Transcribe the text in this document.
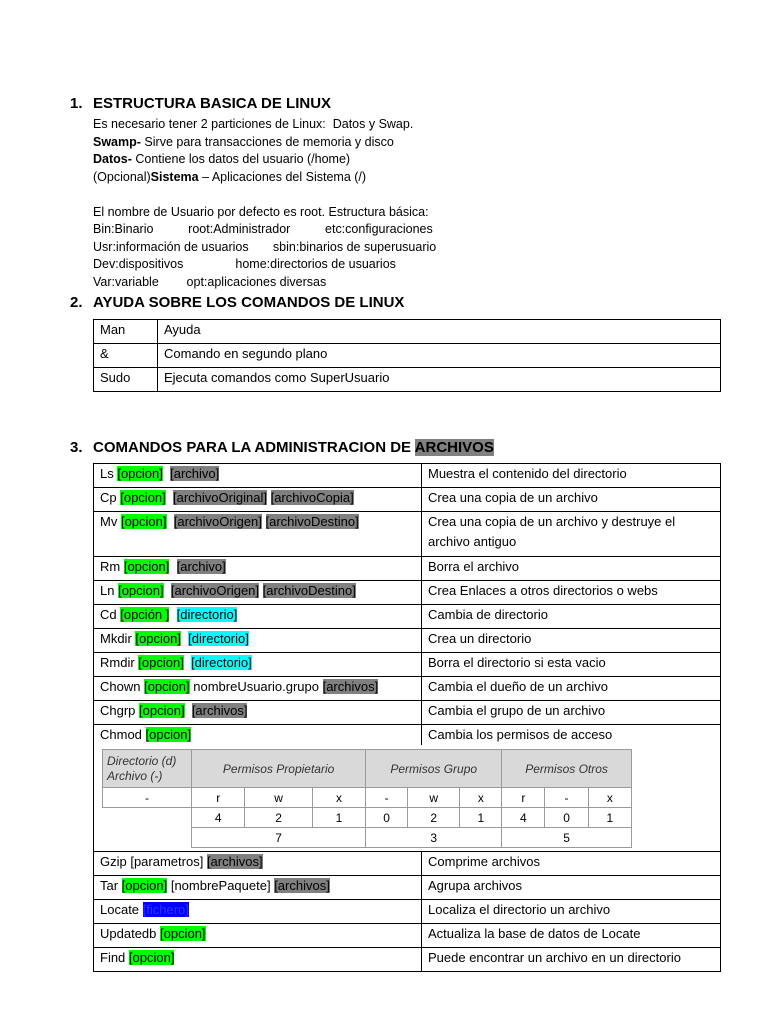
1. ESTRUCTURA BASICA DE LINUX
Es necesario tener 2 particiones de Linux:  Datos y Swap.
Swamp- Sirve para transacciones de memoria y disco
Datos- Contiene los datos del usuario (/home)
(Opcional)Sistema – Aplicaciones del Sistema (/)

El nombre de Usuario por defecto es root. Estructura básica:
Bin:Binario          root:Administrador          etc:configuraciones
Usr:información de usuarios       sbin:binarios de superusuario
Dev:dispositivos               home:directorios de usuarios
Var:variable        opt:aplicaciones diversas
2. AYUDA SOBRE LOS COMANDOS DE LINUX
Man	Ayuda
&	Comando en segundo plano
Sudo	Ejecuta comandos como SuperUsuario
3. COMANDOS PARA LA ADMINISTRACION DE ARCHIVOS
Ls [opcion] [archivo]	Muestra el contenido del directorio
Cp [opcion] [archivoOriginal] [archivoCopia]	Crea una copia de un archivo
Mv [opcion] [archivoOrigen] [archivoDestino]	Crea una copia de un archivo y destruye el archivo antiguo
Rm [opcion] [archivo]	Borra el archivo
Ln [opcion] [archivoOrigen] [archivoDestino]	Crea Enlaces a otros directorios o webs
Cd [opción ] [directorio]	Cambia de directorio
Mkdir [opcion] [directorio]	Crea un directorio
Rmdir [opcion] [directorio]	Borra el directorio si esta vacio
Chown [opcion] nombreUsuario.grupo [archivos]	Cambia el dueño de un archivo
Chgrp [opcion] [archivos]	Cambia el grupo de un archivo

Chmod [opcion]	Cambia los permisos de acceso
Directorio (d)
Archivo (-)	Permisos Propietario	Permisos Grupo	Permisos Otros
-	r	w	x	-	w	x	r	-	x
	4	2	1	0	2	1	4	0	1
	7	3	5

Gzip [parametros] [archivos]	Comprime archivos
Tar [opcion] [nombrePaquete] [archivos]	Agrupa archivos
Locate [fichero]	Localiza el directorio un archivo
Updatedb [opcion]	Actualiza la base de datos de Locate
Find [opcion]	Puede encontrar un archivo en un directorio
